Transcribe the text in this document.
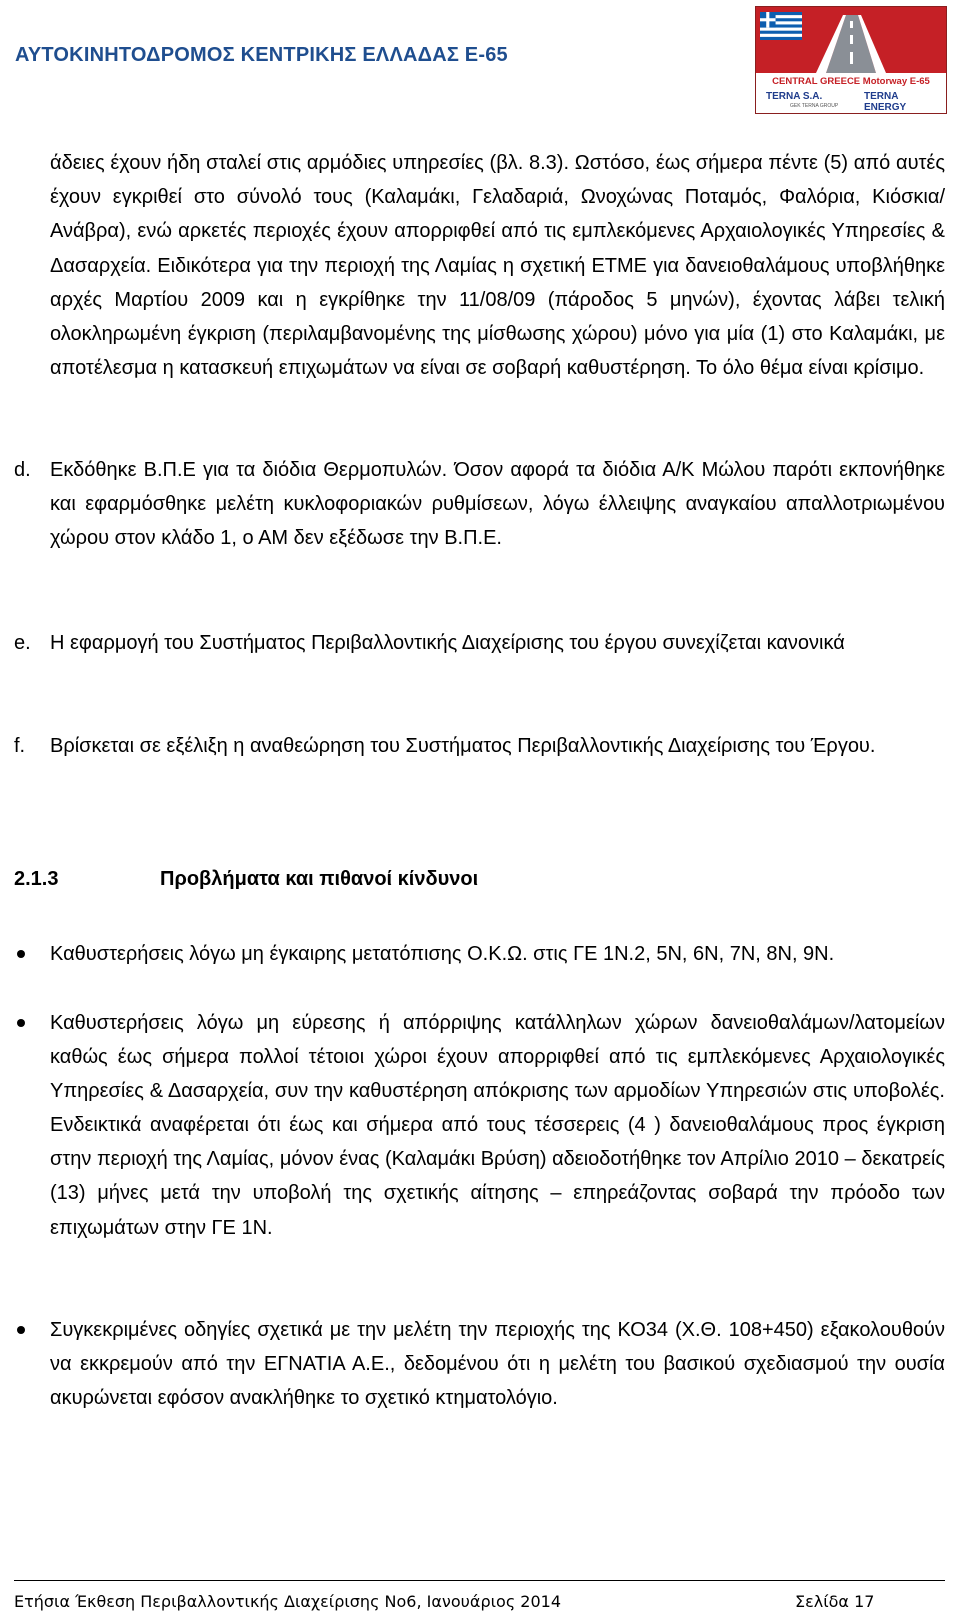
ΑΥΤΟΚΙΝΗΤΟΔΡΟΜΟΣ ΚΕΝΤΡΙΚΗΣ ΕΛΛΑΔΑΣ Ε-65
CENTRAL GREECE Motorway E-65
TERNA S.A.
GEK TERNA GROUP
TERNA ENERGY
άδειες έχουν ήδη σταλεί στις αρμόδιες υπηρεσίες (βλ. 8.3). Ωστόσο, έως σήμερα πέντε (5) από αυτές έχουν εγκριθεί στο σύνολό τους (Καλαμάκι, Γελαδαριά, Ωνοχώνας Ποταμός, Φαλόρια, Κιόσκια/Ανάβρα), ενώ αρκετές περιοχές έχουν απορριφθεί από τις εμπλεκόμενες Αρχαιολογικές Υπηρεσίες & Δασαρχεία. Ειδικότερα για την περιοχή της Λαμίας η σχετική ΕΤΜΕ για δανειοθαλάμους υποβλήθηκε αρχές Μαρτίου 2009 και η εγκρίθηκε την 11/08/09 (πάροδος 5 μηνών), έχοντας λάβει τελική ολοκληρωμένη έγκριση (περιλαμβανομένης της μίσθωσης χώρου) μόνο για μία (1) στο Καλαμάκι, με αποτέλεσμα η κατασκευή επιχωμάτων να είναι σε σοβαρή καθυστέρηση. Το όλο θέμα είναι κρίσιμο.
d. Εκδόθηκε Β.Π.Ε για τα διόδια Θερμοπυλών. Όσον αφορά τα διόδια Α/Κ Μώλου παρότι εκπονήθηκε και εφαρμόσθηκε μελέτη κυκλοφοριακών ρυθμίσεων, λόγω έλλειψης αναγκαίου απαλλοτριωμένου χώρου στον κλάδο 1, ο ΑΜ δεν εξέδωσε την Β.Π.Ε.
e. Η εφαρμογή του Συστήματος Περιβαλλοντικής Διαχείρισης του έργου συνεχίζεται κανονικά
f. Βρίσκεται σε εξέλιξη η αναθεώρηση του Συστήματος Περιβαλλοντικής Διαχείρισης του Έργου.
2.1.3	Προβλήματα και πιθανοί κίνδυνοι
Καθυστερήσεις λόγω μη έγκαιρης μετατόπισης Ο.Κ.Ω. στις ΓΕ 1Ν.2, 5Ν, 6Ν, 7Ν, 8Ν, 9Ν.
Καθυστερήσεις λόγω μη εύρεσης ή απόρριψης κατάλληλων χώρων δανειοθαλάμων/λατομείων καθώς έως σήμερα πολλοί τέτοιοι χώροι έχουν απορριφθεί από τις εμπλεκόμενες Αρχαιολογικές Υπηρεσίες & Δασαρχεία, συν την καθυστέρηση απόκρισης των αρμοδίων Υπηρεσιών στις υποβολές. Ενδεικτικά αναφέρεται ότι έως και σήμερα από τους τέσσερεις (4 ) δανειοθαλάμους προς έγκριση στην περιοχή της Λαμίας, μόνον ένας (Καλαμάκι Βρύση) αδειοδοτήθηκε τον Απρίλιο 2010 – δεκατρείς (13) μήνες μετά την υποβολή της σχετικής αίτησης – επηρεάζοντας σοβαρά την πρόοδο των επιχωμάτων στην ΓΕ 1Ν.
Συγκεκριμένες οδηγίες σχετικά με την μελέτη την περιοχής της ΚΟ34 (Χ.Θ. 108+450) εξακολουθούν να εκκρεμούν από την ΕΓΝΑΤΙΑ Α.Ε., δεδομένου ότι η μελέτη του βασικού σχεδιασμού την ουσία ακυρώνεται εφόσον ανακλήθηκε το σχετικό κτηματολόγιο.
Ετήσια Έκθεση Περιβαλλοντικής Διαχείρισης Νο6, Ιανουάριος 2014	Σελίδα 17
